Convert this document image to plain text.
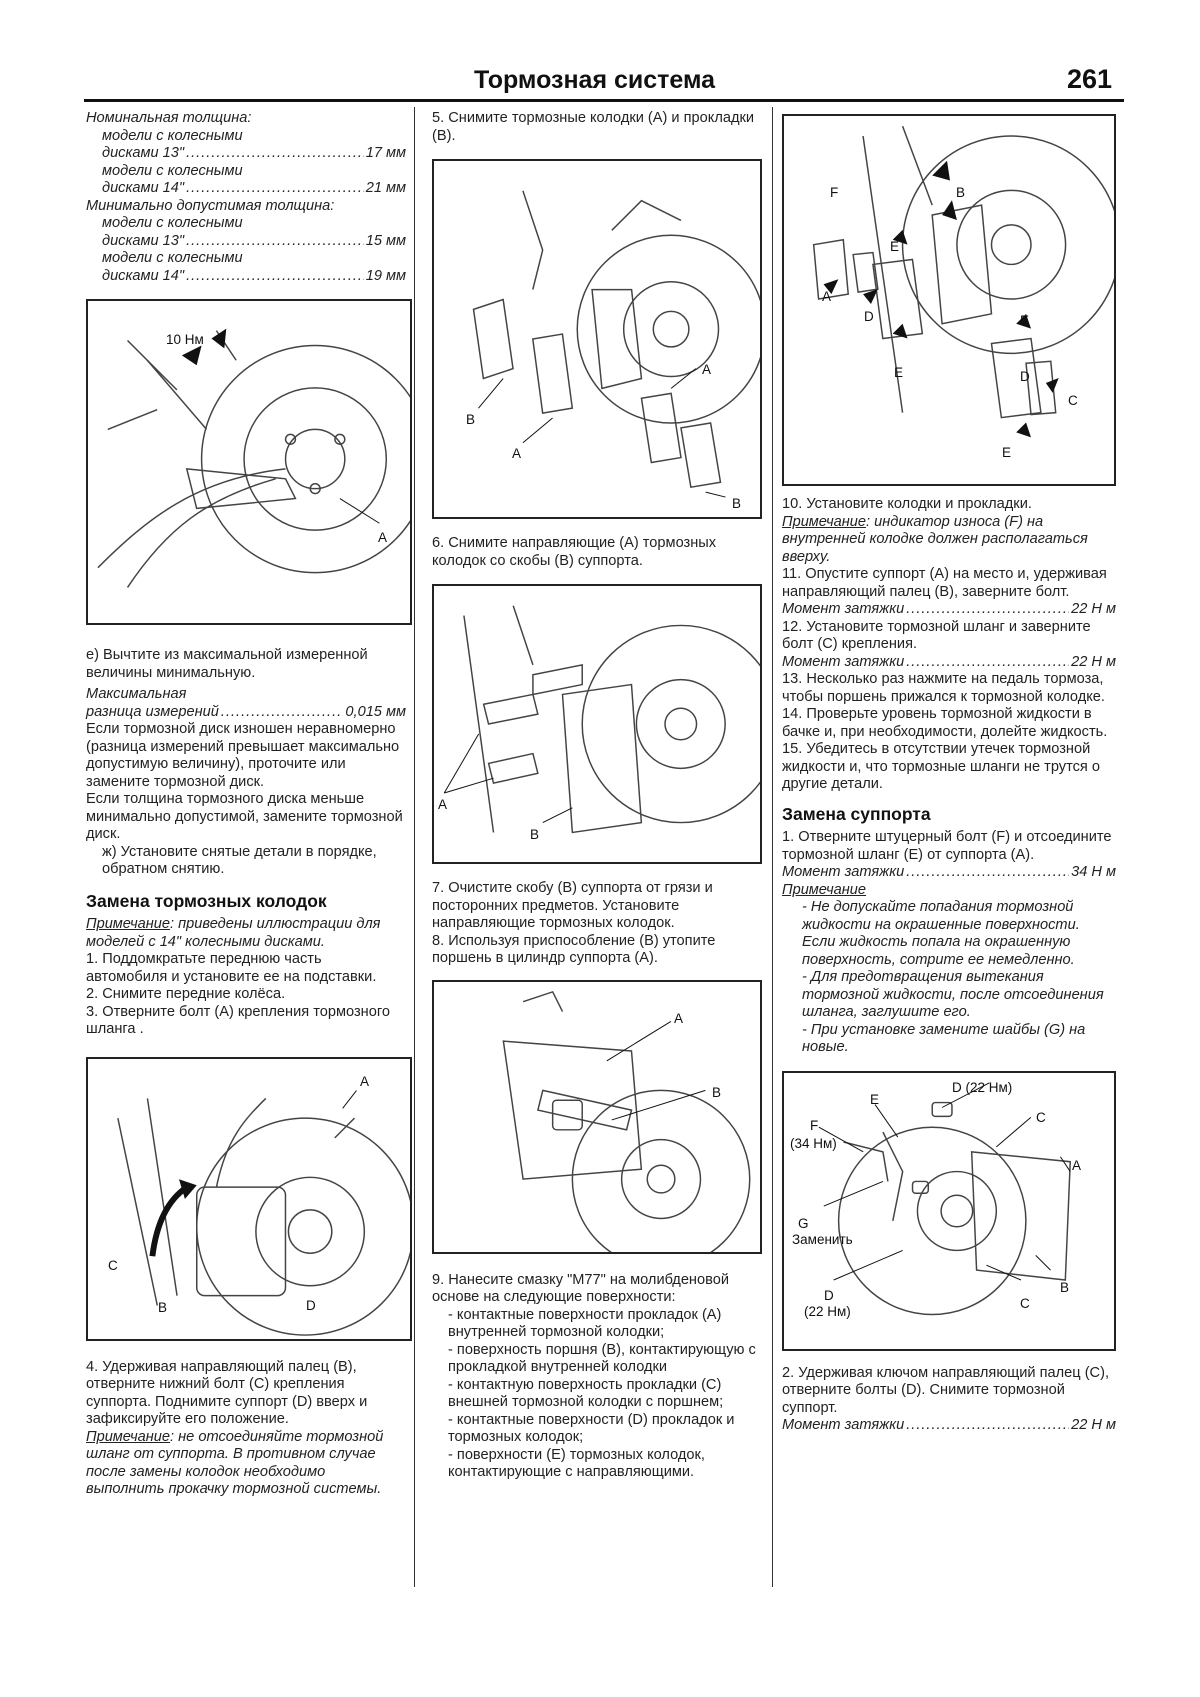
Тормозная система	261

Номинальная толщина:

модели с колесными

дисками 13" .....	17 мм

модели с колесными

дисками 14" .....	21 мм

Минимально допустимая толщина:

модели с колесными

дисками 13" .....	15 мм

модели с колесными

дисками 14" .....	19 мм
10 Нм
A

е) Вычтите из максимальной измеренной величины минимальную.

Максимальная

разница измерений .....	0,015 мм

Если тормозной диск изношен неравномерно (разница измерений превышает максимально допустимую величину), проточите или замените тормозной диск.

Если толщина тормозного диска меньше минимально допустимой, замените тормозной диск.

ж) Установите снятые детали в порядке, обратном снятию.

Замена тормозных колодок

Примечание: приведены иллюстрации для моделей с 14" колесными дисками.

1. Поддомкратьте переднюю часть автомобиля и установите ее на подставки.

2. Снимите передние колёса.

3. Отверните болт (А) крепления тормозного шланга .

A
C
B	D

4. Удерживая направляющий палец (В), отверните нижний болт (С) крепления суппорта. Поднимите суппорт (D) вверх и зафиксируйте его положение.

Примечание: не отсоединяйте тормозной шланг от суппорта. В противном случае после замены колодок необходимо выполнить прокачку тормозной системы.

5. Снимите тормозные колодки (А) и прокладки (В).

B
A
A
B

6. Снимите направляющие (А) тормозных колодок со скобы (В) суппорта.

A
B

7. Очистите скобу (В) суппорта от грязи и посторонних предметов. Установите направляющие тормозных колодок.

8. Используя приспособление (В) утопите поршень в цилиндр суппорта (А).

A
B

9. Нанесите смазку "M77" на молибденовой основе на следующие поверхности:

- контактные поверхности прокладок (А) внутренней тормозной колодки;

- поверхность поршня (В), контактирующую с прокладкой внутренней колодки

- контактную поверхность прокладки (С) внешней тормозной колодки с поршнем;

- контактные поверхности (D) прокладок и тормозных колодок;

- поверхности (Е) тормозных колодок, контактирующие с направляющими.

F	B
E
A
D
E
E
D
C
E

10. Установите колодки и прокладки.

Примечание: индикатор износа (F) на внутренней колодке должен располагаться вверху.

11. Опустите суппорт (А) на место и, удерживая направляющий палец (В), заверните болт.

Момент затяжки .....	22 Н м

12. Установите тормозной шланг и заверните болт (С) крепления.

Момент затяжки .....	22 Н м

13. Несколько раз нажмите на педаль тормоза, чтобы поршень прижался к тормозной колодке.

14. Проверьте уровень тормозной жидкости в бачке и, при необходимости, долейте жидкость.

15. Убедитесь в отсутствии утечек тормозной жидкости и, что тормозные шланги не трутся о другие детали.

Замена суппорта

1. Отверните штуцерный болт (F) и отсоедините тормозной шланг (Е) от суппорта (А).

Момент затяжки .....	34 Н м

Примечание

- Не допускайте попадания тормозной жидкости на окрашенные поверхности. Если жидкость попала на окрашенную поверхность, сотрите ее немедленно.

- Для предотвращения вытекания тормозной жидкости, после отсоединения шланга, заглушите его.

- При установке замените шайбы (G) на новые.

D (22 Нм)
E
C
F
(34 Нм)
A
G
Заменить
D
(22 Нм)
C
B

2. Удерживая ключом направляющий палец (С), отверните болты (D). Снимите тормозной суппорт.

Момент затяжки .....	22 Н м
